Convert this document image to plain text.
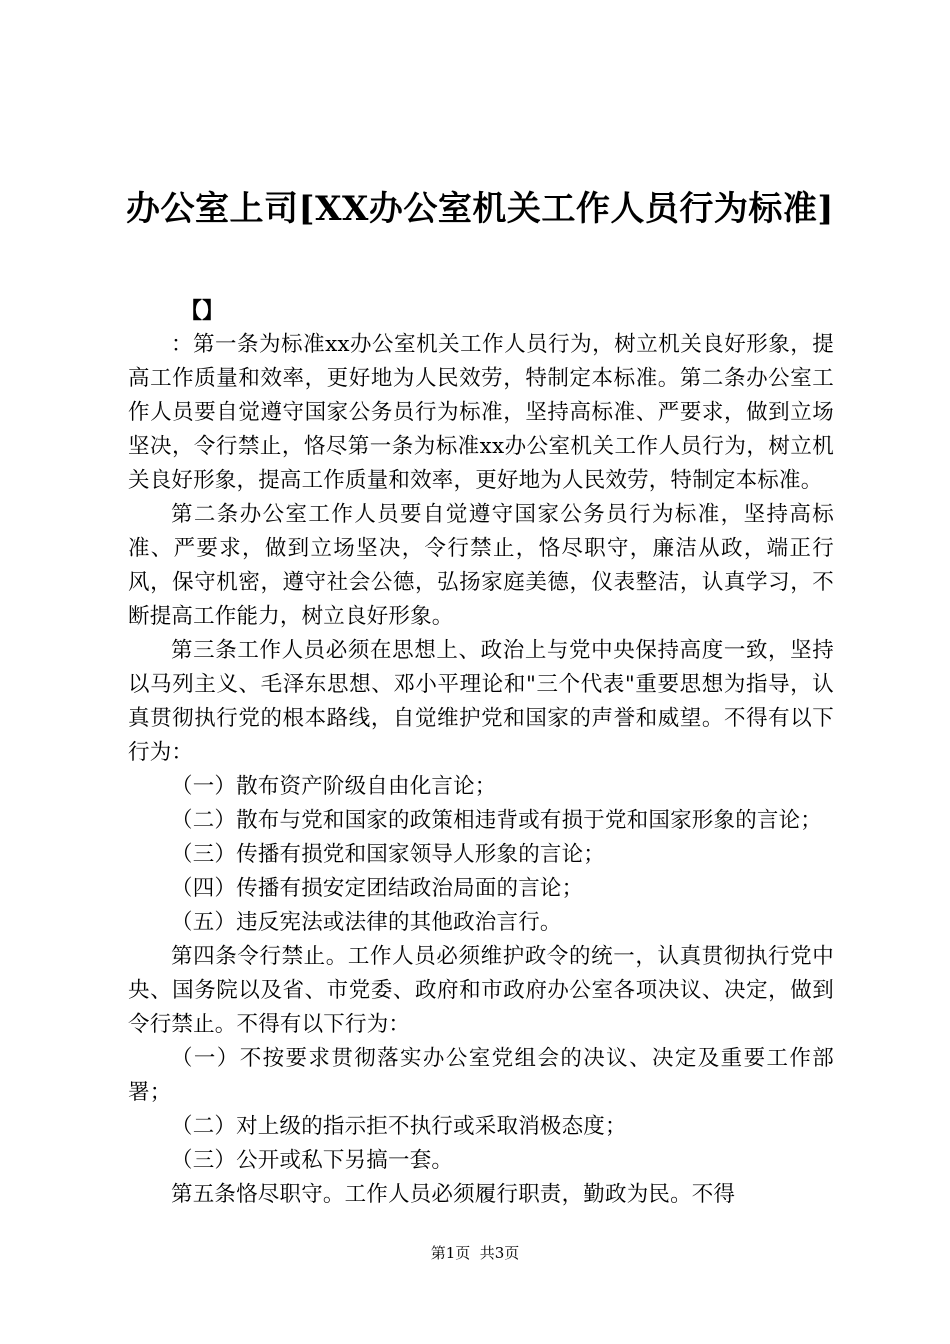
办公室上司[XX办公室机关工作人员行为标准]
【】

：第一条为标准xx办公室机关工作人员行为，树立机关良好形象，提高工作质量和效率，更好地为人民效劳，特制定本标准。第二条办公室工作人员要自觉遵守国家公务员行为标准，坚持高标准、严要求，做到立场坚决，令行禁止，恪尽第一条为标准xx办公室机关工作人员行为，树立机关良好形象，提高工作质量和效率，更好地为人民效劳，特制定本标准。

第二条办公室工作人员要自觉遵守国家公务员行为标准，坚持高标准、严要求，做到立场坚决，令行禁止，恪尽职守，廉洁从政，端正行风，保守机密，遵守社会公德，弘扬家庭美德，仪表整洁，认真学习，不断提高工作能力，树立良好形象。

第三条工作人员必须在思想上、政治上与党中央保持高度一致，坚持以马列主义、毛泽东思想、邓小平理论和"三个代表"重要思想为指导，认真贯彻执行党的根本路线，自觉维护党和国家的声誉和威望。不得有以下行为：

（一）散布资产阶级自由化言论；

（二）散布与党和国家的政策相违背或有损于党和国家形象的言论；

（三）传播有损党和国家领导人形象的言论；

（四）传播有损安定团结政治局面的言论；

（五）违反宪法或法律的其他政治言行。

第四条令行禁止。工作人员必须维护政令的统一，认真贯彻执行党中央、国务院以及省、市党委、政府和市政府办公室各项决议、决定，做到令行禁止。不得有以下行为：

（一）不按要求贯彻落实办公室党组会的决议、决定及重要工作部署；

（二）对上级的指示拒不执行或采取消极态度；

（三）公开或私下另搞一套。

第五条恪尽职守。工作人员必须履行职责，勤政为民。不得

第1页  共3页
